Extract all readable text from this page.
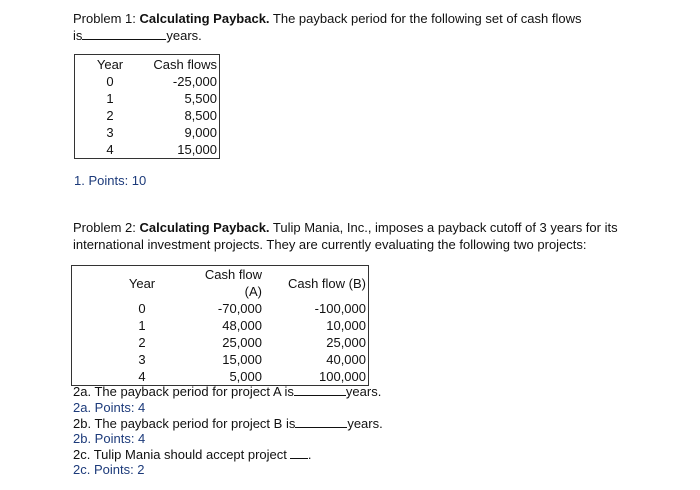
Problem 1: Calculating Payback. The payback period for the following set of cash flows
is	years.
Year	Cash flows
0	-25,000
1	5,500
2	8,500
3	9,000
4	15,000
1. Points: 10
Problem 2: Calculating Payback. Tulip Mania, Inc., imposes a payback cutoff of 3 years for its
international investment projects. They are currently evaluating the following two projects:
Year	Cash flow (A)	Cash flow (B)
0	-70,000	-100,000
1	48,000	10,000
2	25,000	25,000
3	15,000	40,000
4	5,000	100,000
2a. The payback period for project A is	years.
2a. Points: 4
2b. The payback period for project B is	years.
2b. Points: 4
2c. Tulip Mania should accept project .
2c. Points: 2
